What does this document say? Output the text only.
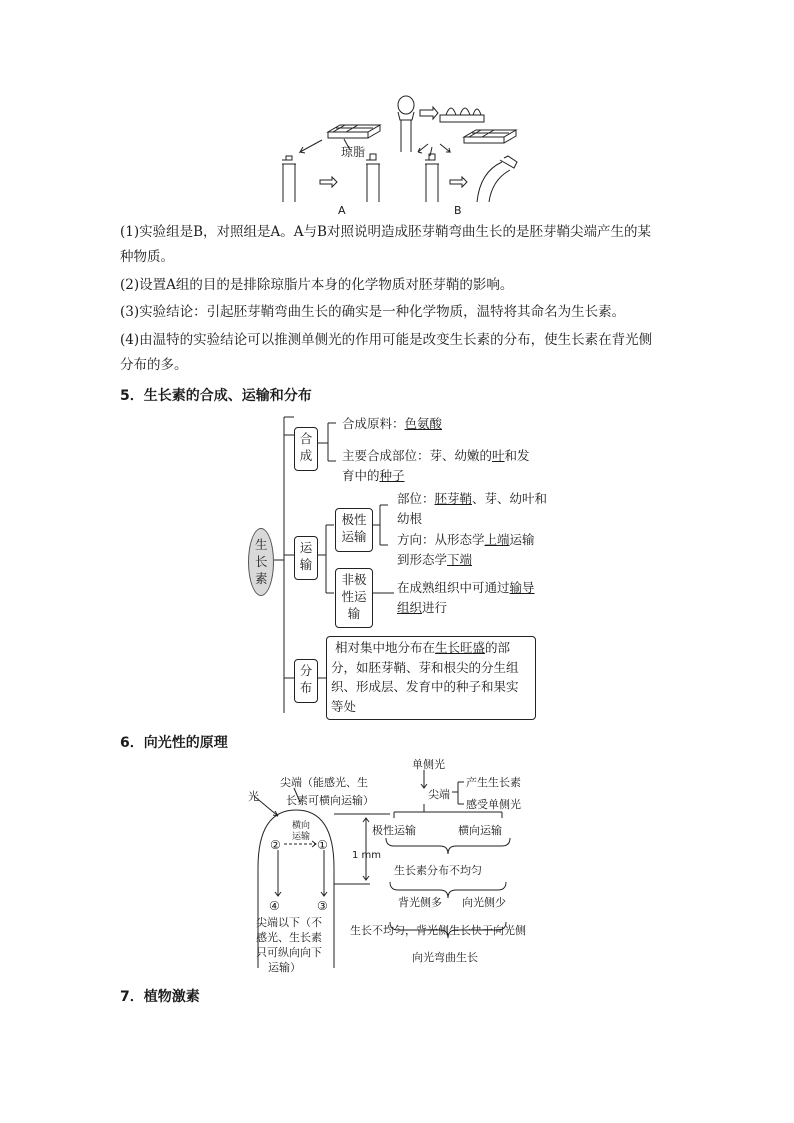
琼脂
A	B
(1)实验组是B，对照组是A。A与B对照说明造成胚芽鞘弯曲生长的是胚芽鞘尖端产生的某
种物质。
(2)设置A组的目的是排除琼脂片本身的化学物质对胚芽鞘的影响。
(3)实验结论：引起胚芽鞘弯曲生长的确实是一种化学物质，温特将其命名为生长素。
(4)由温特的实验结论可以推测单侧光的作用可能是改变生长素的分布，使生长素在背光侧
分布的多。
5．生长素的合成、运输和分布
生长素
合成
合成原料：色氨酸
主要合成部位：芽、幼嫩的叶和发
育中的种子
运输
极性运输
部位：胚芽鞘、芽、幼叶和
幼根
方向：从形态学上端运输
到形态学下端
非极性运输
在成熟组织中可通过输导
组织进行
分布
相对集中地分布在生长旺盛的部
分，如胚芽鞘、芽和根尖的分生组
织、形成层、发育中的种子和果实
等处
6．向光性的原理
光
尖端（能感光、生
长素可横向运输）
横向
运输
②	①
④	③
1 mm
尖端以下（不
感光、生长素
只可纵向向下
运输）
单侧光
尖端
产生生长素
感受单侧光
极性运输	横向运输
生长素分布不均匀
背光侧多 向光侧少
生长不均匀，背光侧生长快于向光侧
向光弯曲生长
7．植物激素
